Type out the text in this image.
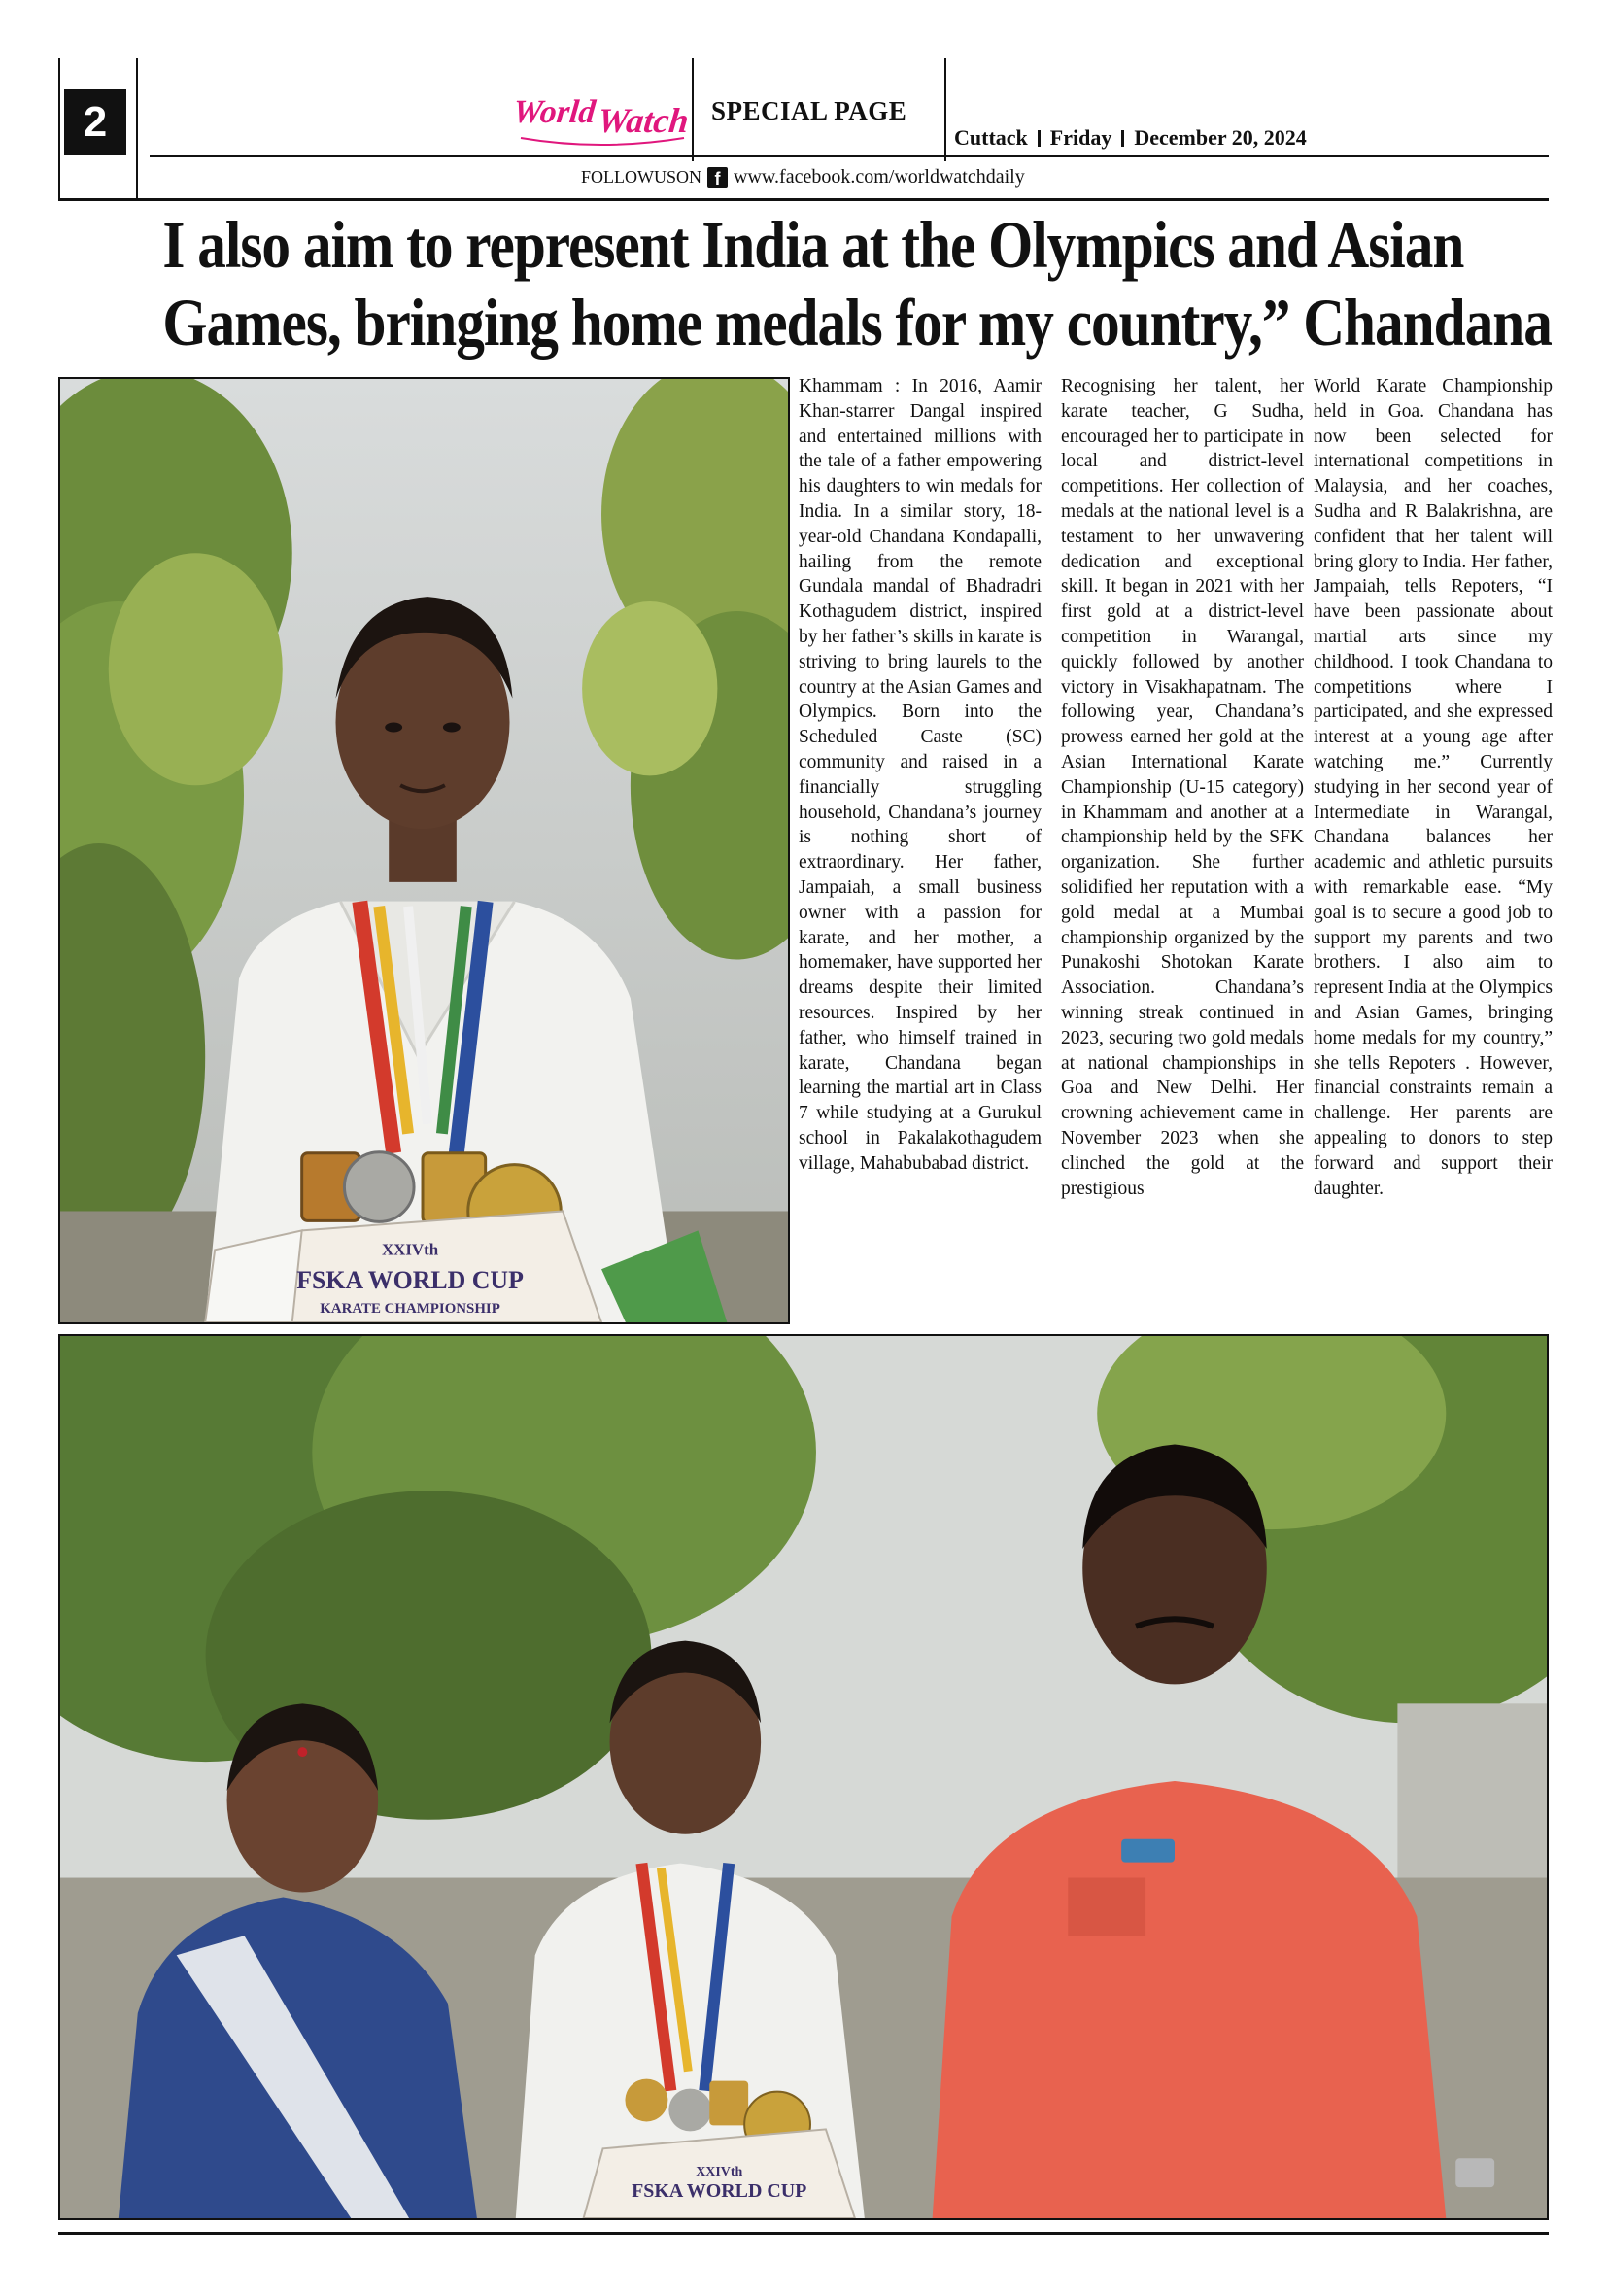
2	World
Watch SPECIAL PAGE
Cuttack Friday December 20, 2024
FOLLOWUSON f www.facebook.com/worldwatchdaily
I also aim to represent India at the Olympics and Asian
Games, bringing home medals for my country,” Chandana
FSKA WORLD CUP
KARATE CHAMPIONSHIP
XXIVth

Khammam : In 2016, Aamir Khan-starrer Dangal inspired and entertained millions with the tale of a father empowering his daughters to win medals for India. In a similar story, 18-year-old Chandana Kondapalli, hailing from the remote Gundala mandal of Bhadradri Kothagudem district, inspired by her father’s skills in karate is striving to bring laurels to the country at the Asian Games and Olympics. Born into the Scheduled Caste (SC) community and raised in a financially struggling household, Chandana’s journey is nothing short of extraordinary. Her father, Jampaiah, a small business owner with a passion for karate, and her mother, a homemaker, have supported her dreams despite their limited resources. Inspired by her father, who himself trained in karate, Chandana began learning the martial art in Class 7 while studying at a Gurukul school in Pakalakothagudem village, Mahabubabad district.

Recognising her talent, her karate teacher, G Sudha, encouraged her to participate in local and district-level competitions. Her collection of medals at the national level is a testament to her unwavering dedication and exceptional skill. It began in 2021 with her first gold at a district-level competition in Warangal, quickly followed by another victory in Visakhapatnam. The following year, Chandana’s prowess earned her gold at the Asian International Karate Championship (U-15 category) in Khammam and another at a championship held by the SFK organization. She further solidified her reputation with a gold medal at a Mumbai championship organized by the Punakoshi Shotokan Karate Association. Chandana’s winning streak continued in 2023, securing two gold medals at national championships in Goa and New Delhi. Her crowning achievement came in November 2023 when she clinched the gold at the prestigious

World Karate Championship held in Goa. Chandana has now been selected for international competitions in Malaysia, and her coaches, Sudha and R Balakrishna, are confident that her talent will bring glory to India. Her father, Jampaiah, tells Repoters, “I have been passionate about martial arts since my childhood. I took Chandana to competitions where I participated, and she expressed interest at a young age after watching me.” Currently studying in her second year of Intermediate in Warangal, Chandana balances her academic and athletic pursuits with remarkable ease. “My goal is to secure a good job to support my parents and two brothers. I also aim to represent India at the Olympics and Asian Games, bringing home medals for my country,” she tells Repoters . However, financial constraints remain a challenge. Her parents are appealing to donors to step forward and support their daughter.

XXIVth
FSKA WORLD CUP
